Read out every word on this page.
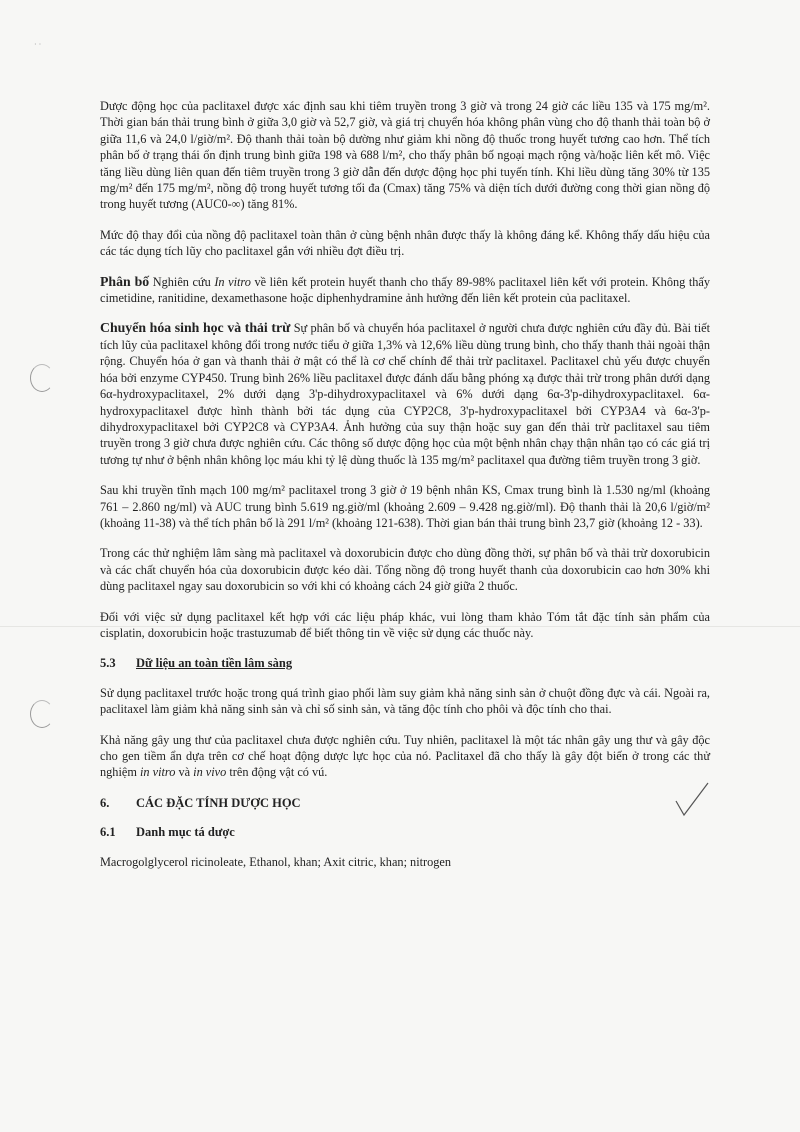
· ·

Dược động học của paclitaxel được xác định sau khi tiêm truyền trong 3 giờ và trong 24 giờ các liều 135 và 175 mg/m². Thời gian bán thải trung bình ở giữa 3,0 giờ và 52,7 giờ, và giá trị chuyển hóa không phân vùng cho độ thanh thải toàn bộ ở giữa 11,6 và 24,0 l/giờ/m². Độ thanh thải toàn bộ dường như giảm khi nồng độ thuốc trong huyết tương cao hơn. Thể tích phân bố ở trạng thái ổn định trung bình giữa 198 và 688 l/m², cho thấy phân bố ngoại mạch rộng và/hoặc liên kết mô. Việc tăng liều dùng liên quan đến tiêm truyền trong 3 giờ dẫn đến dược động học phi tuyến tính. Khi liều dùng tăng 30% từ 135 mg/m² đến 175 mg/m², nồng độ trong huyết tương tối đa (Cmax) tăng 75% và diện tích dưới đường cong thời gian nồng độ trong huyết tương (AUC0-∞) tăng 81%.

Mức độ thay đổi của nồng độ paclitaxel toàn thân ở cùng bệnh nhân được thấy là không đáng kể. Không thấy dấu hiệu của các tác dụng tích lũy cho paclitaxel gắn với nhiều đợt điều trị.

Phân bố Nghiên cứu In vitro về liên kết protein huyết thanh cho thấy 89-98% paclitaxel liên kết với protein. Không thấy cimetidine, ranitidine, dexamethasone hoặc diphenhydramine ảnh hưởng đến liên kết protein của paclitaxel.

Chuyển hóa sinh học và thải trừ Sự phân bố và chuyển hóa paclitaxel ở người chưa được nghiên cứu đầy đủ. Bài tiết tích lũy của paclitaxel không đổi trong nước tiểu ở giữa 1,3% và 12,6% liều dùng trung bình, cho thấy thanh thải ngoài thận rộng. Chuyển hóa ở gan và thanh thải ở mật có thể là cơ chế chính để thải trừ paclitaxel. Paclitaxel chủ yếu được chuyển hóa bởi enzyme CYP450. Trung bình 26% liều paclitaxel được đánh dấu bằng phóng xạ được thải trừ trong phân dưới dạng 6α-hydroxypaclitaxel, 2% dưới dạng 3'p-dihydroxypaclitaxel và 6% dưới dạng 6α-3'p-dihydroxypaclitaxel. 6α-hydroxypaclitaxel được hình thành bởi tác dụng của CYP2C8, 3'p-hydroxypaclitaxel bởi CYP3A4 và 6α-3'p-dihydroxypaclitaxel bởi CYP2C8 và CYP3A4. Ảnh hưởng của suy thận hoặc suy gan đến thải trừ paclitaxel sau tiêm truyền trong 3 giờ chưa được nghiên cứu. Các thông số dược động học của một bệnh nhân chạy thận nhân tạo có các giá trị tương tự như ở bệnh nhân không lọc máu khi tỷ lệ dùng thuốc là 135 mg/m² paclitaxel qua đường tiêm truyền trong 3 giờ.

Sau khi truyền tĩnh mạch 100 mg/m² paclitaxel trong 3 giờ ở 19 bệnh nhân KS, Cmax trung bình là 1.530 ng/ml (khoảng 761 – 2.860 ng/ml) và AUC trung bình 5.619 ng.giờ/ml (khoảng 2.609 – 9.428 ng.giờ/ml). Độ thanh thải là 20,6 l/giờ/m² (khoảng 11-38) và thể tích phân bố là 291 l/m² (khoảng 121-638). Thời gian bán thải trung bình 23,7 giờ (khoảng 12 - 33).

Trong các thử nghiệm lâm sàng mà paclitaxel và doxorubicin được cho dùng đồng thời, sự phân bố và thải trừ doxorubicin và các chất chuyển hóa của doxorubicin được kéo dài. Tổng nồng độ trong huyết thanh của doxorubicin cao hơn 30% khi dùng paclitaxel ngay sau doxorubicin so với khi có khoảng cách 24 giờ giữa 2 thuốc.

Đối với việc sử dụng paclitaxel kết hợp với các liệu pháp khác, vui lòng tham khảo Tóm tắt đặc tính sản phẩm của cisplatin, doxorubicin hoặc trastuzumab để biết thông tin về việc sử dụng các thuốc này.

5.3 Dữ liệu an toàn tiền lâm sàng

Sử dụng paclitaxel trước hoặc trong quá trình giao phối làm suy giảm khả năng sinh sản ở chuột đồng đực và cái. Ngoài ra, paclitaxel làm giảm khả năng sinh sản và chỉ số sinh sản, và tăng độc tính cho phôi và độc tính cho thai.

Khả năng gây ung thư của paclitaxel chưa được nghiên cứu. Tuy nhiên, paclitaxel là một tác nhân gây ung thư và gây độc cho gen tiềm ẩn dựa trên cơ chế hoạt động dược lực học của nó. Paclitaxel đã cho thấy là gây đột biến ở trong các thử nghiệm in vitro và in vivo trên động vật có vú.

6. CÁC ĐẶC TÍNH DƯỢC HỌC
6.1 Danh mục tá dược

Macrogolglycerol ricinoleate, Ethanol, khan; Axit citric, khan; nitrogen
